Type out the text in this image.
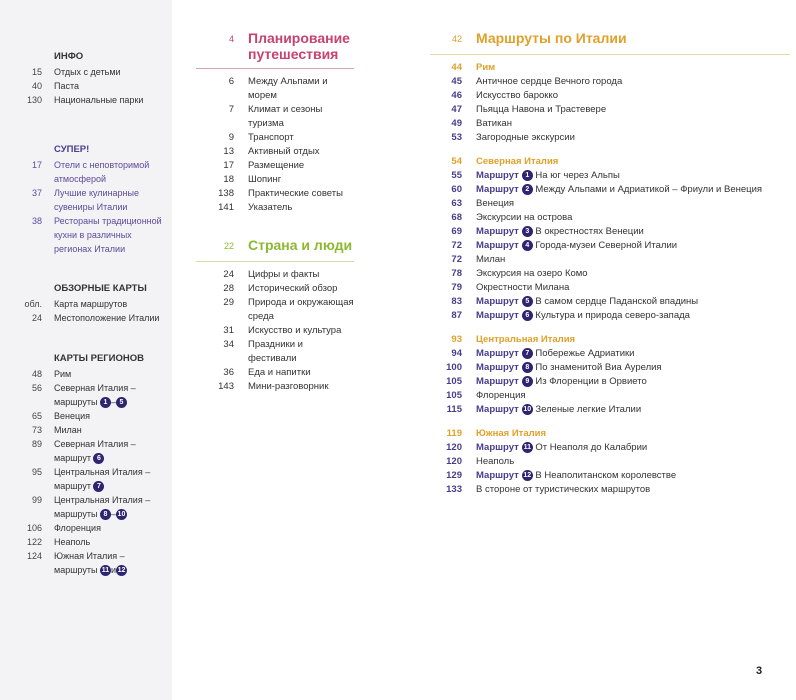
ИНФО
15	Отдых с детьми
40	Паста
130	Национальные парки
СУПЕР!
17	Отели с неповторимой
атмосферой
37	Лучшие кулинарные
сувениры Италии
38	Рестораны традиционной
кухни в различных
регионах Италии
ОБЗОРНЫЕ КАРТЫ
обл.	Карта маршрутов
24	Местоположение Италии
КАРТЫ РЕГИОНОВ
48	Рим
56	Северная Италия –
маршруты 1 – 5
65	Венеция
73	Милан
89	Северная Италия –
маршрут 6
95	Центральная Италия –
маршрут 7
99	Центральная Италия –
маршруты 8 – 10
106	Флоренция
122	Неаполь
124	Южная Италия –
маршруты 11 и 12
4	Планирование
путешествия
6	Между Альпами и морем
7	Климат и сезоны туризма
9	Транспорт
13	Активный отдых
17	Размещение
18	Шопинг
138	Практические советы
141	Указатель
22	Страна и люди
24	Цифры и факты
28	Исторический обзор
29	Природа и окружающая
среда
31	Искусство и культура
34	Праздники и фестивали
36	Еда и напитки
143	Мини-разговорник
42	Маршруты по Италии
44	Рим
45	Античное сердце Вечного города
46	Искусство барокко
47	Пьяцца Навона и Трастевере
49	Ватикан
53	Загородные экскурсии
54	Северная Италия
55	Маршрут 1 На юг через Альпы
60	Маршрут 2 Между Альпами и Адриатикой – Фриули и Венеция
63	Венеция
68	Экскурсии на острова
69	Маршрут 3 В окрестностях Венеции
72	Маршрут 4 Города-музеи Северной Италии
72	Милан
78	Экскурсия на озеро Комо
79	Окрестности Милана
83	Маршрут 5 В самом сердце Паданской впадины
87	Маршрут 6 Культура и природа северо-запада
93	Центральная Италия
94	Маршрут 7 Побережье Адриатики
100	Маршрут 8 По знаменитой Виа Аурелия
105	Маршрут 9 Из Флоренции в Орвието
105	Флоренция
115	Маршрут 10 Зеленые легкие Италии
119	Южная Италия
120	Маршрут 11 От Неаполя до Калабрии
120	Неаполь
129	Маршрут 12 В Неаполитанском королевстве
133	В стороне от туристических маршрутов
3
